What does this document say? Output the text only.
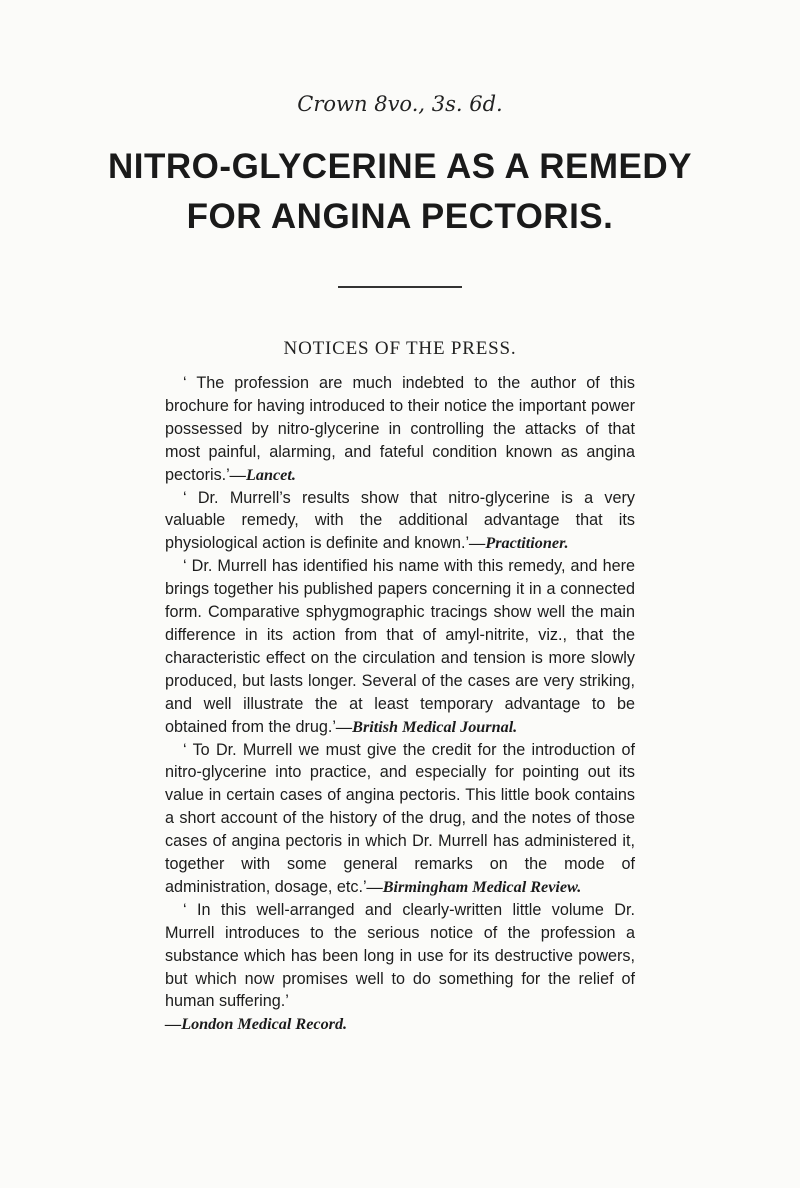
Crown 8vo., 3s. 6d.
NITRO-GLYCERINE AS A REMEDY
FOR ANGINA PECTORIS.
NOTICES OF THE PRESS.

‘ The profession are much indebted to the author of this brochure for having introduced to their notice the important power possessed by nitro-glycerine in controlling the attacks of that most painful, alarming, and fateful condition known as angina pectoris.’—Lancet.

‘ Dr. Murrell’s results show that nitro-glycerine is a very valuable remedy, with the additional advantage that its physiological action is definite and known.’—Practitioner.

‘ Dr. Murrell has identified his name with this remedy, and here brings together his published papers concerning it in a connected form. Comparative sphygmographic tracings show well the main difference in its action from that of amyl-nitrite, viz., that the characteristic effect on the circulation and tension is more slowly produced, but lasts longer. Several of the cases are very striking, and well illustrate the at least temporary advantage to be obtained from the drug.’—British Medical Journal.

‘ To Dr. Murrell we must give the credit for the introduction of nitro-glycerine into practice, and especially for pointing out its value in certain cases of angina pectoris. This little book contains a short account of the history of the drug, and the notes of those cases of angina pectoris in which Dr. Murrell has administered it, together with some general remarks on the mode of administration, dosage, etc.’—Birmingham Medical Review.

‘ In this well-arranged and clearly-written little volume Dr. Murrell introduces to the serious notice of the profession a substance which has been long in use for its destructive powers, but which now promises well to do something for the relief of human suffering.’
—London Medical Record.
